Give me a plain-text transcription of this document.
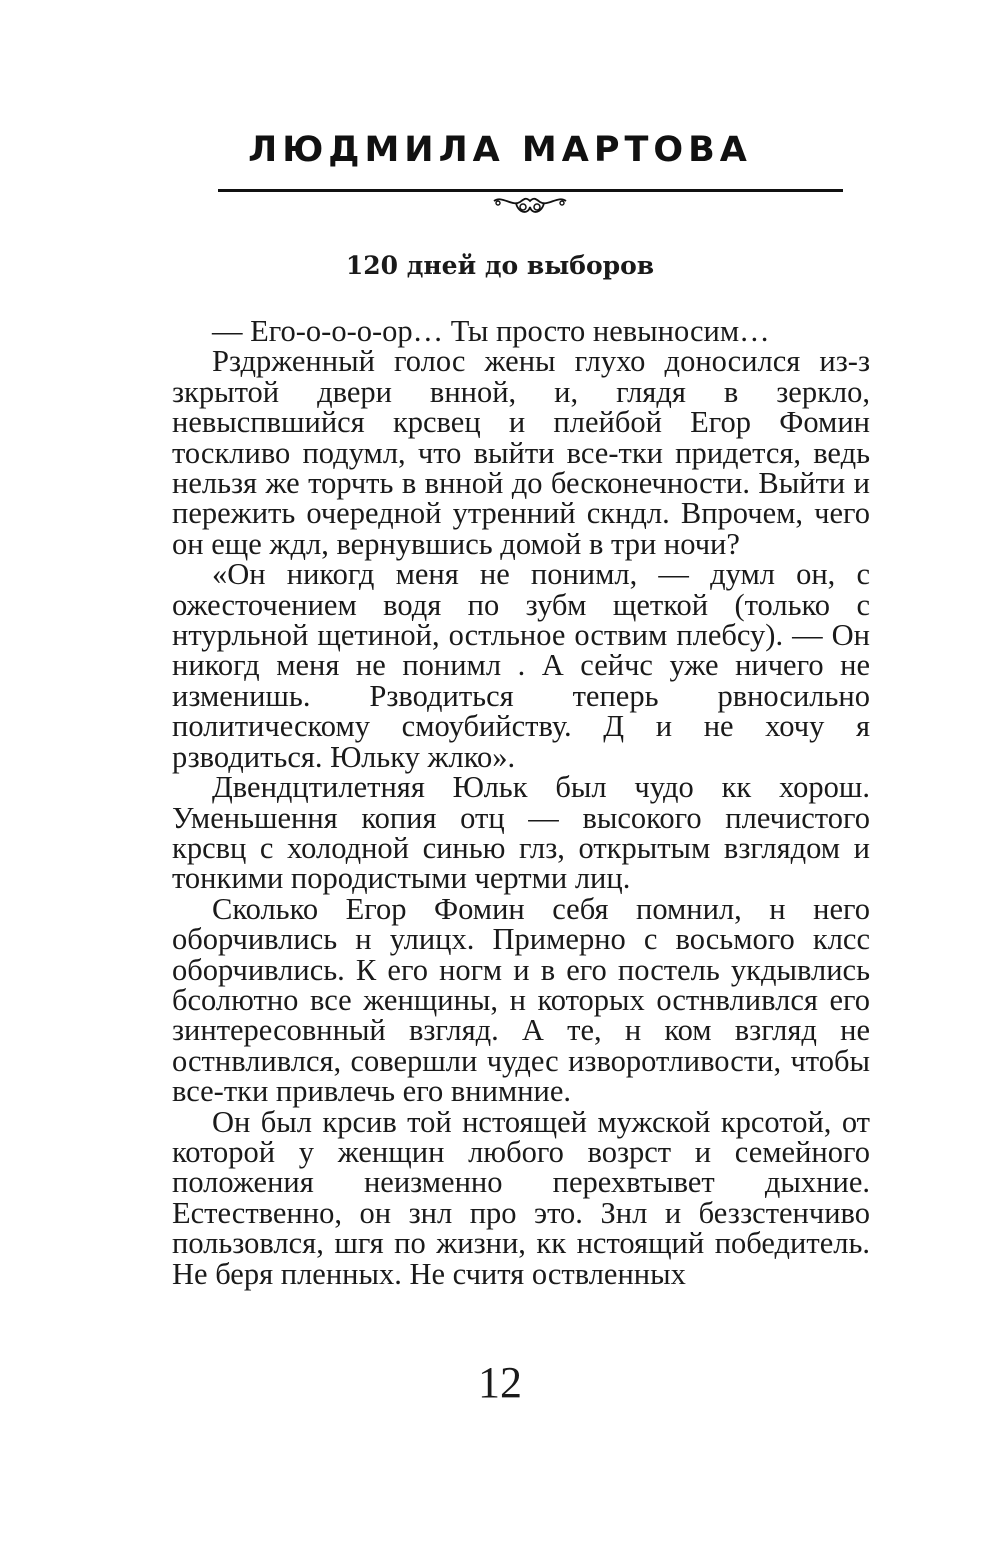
ЛЮДМИЛА МАРТОВА
120 дней до выборов

— Его-о-о-о-ор… Ты просто невыносим…

Рздрженный голос жены глухо доносился из-з зкрытой двери внной, и, глядя в зеркло, невыспвшийся крсвец и плейбой Егор Фомин тоскливо подумл, что выйти все-тки придется, ведь нельзя же торчть в внной до бесконечности. Выйти и пережить очередной утренний скндл. Впрочем, чего он еще ждл, вернувшись домой в три ночи?

«Он никогд меня не понимл, — думл он, с ожесточением водя по зубм щеткой (только с нтурльной щетиной, остльное оствим плебсу). — Он никогд меня не понимл . А сейчс уже ничего не изменишь. Рзводиться теперь рвносильно политическому смоубийству. Д и не хочу я рзводиться. Юльку жлко».

Двендцтилетняя Юльк был чудо кк хорош. Уменьшення копия отц — высокого плечистого крсвц с холодной синью глз, открытым взглядом и тонкими породистыми чертми лиц.

Сколько Егор Фомин себя помнил, н него оборчивлись н улицх. Примерно с восьмого клсс оборчивлись. К его ногм и в его постель укдывлись бсолютно все женщины, н которых остнвливлся его зинтересовнный взгляд. А те, н ком взгляд не остнвливлся, совершли чудес изворотливости, чтобы все-тки привлечь его внимние.

Он был крсив той нстоящей мужской крсотой, от которой у женщин любого возрст и семейного положения неизменно перехвтывет дыхние. Естественно, он знл про это. Знл и беззстенчиво пользовлся, шгя по жизни, кк нстоящий победитель. Не беря пленных. Не считя оствленных

12
